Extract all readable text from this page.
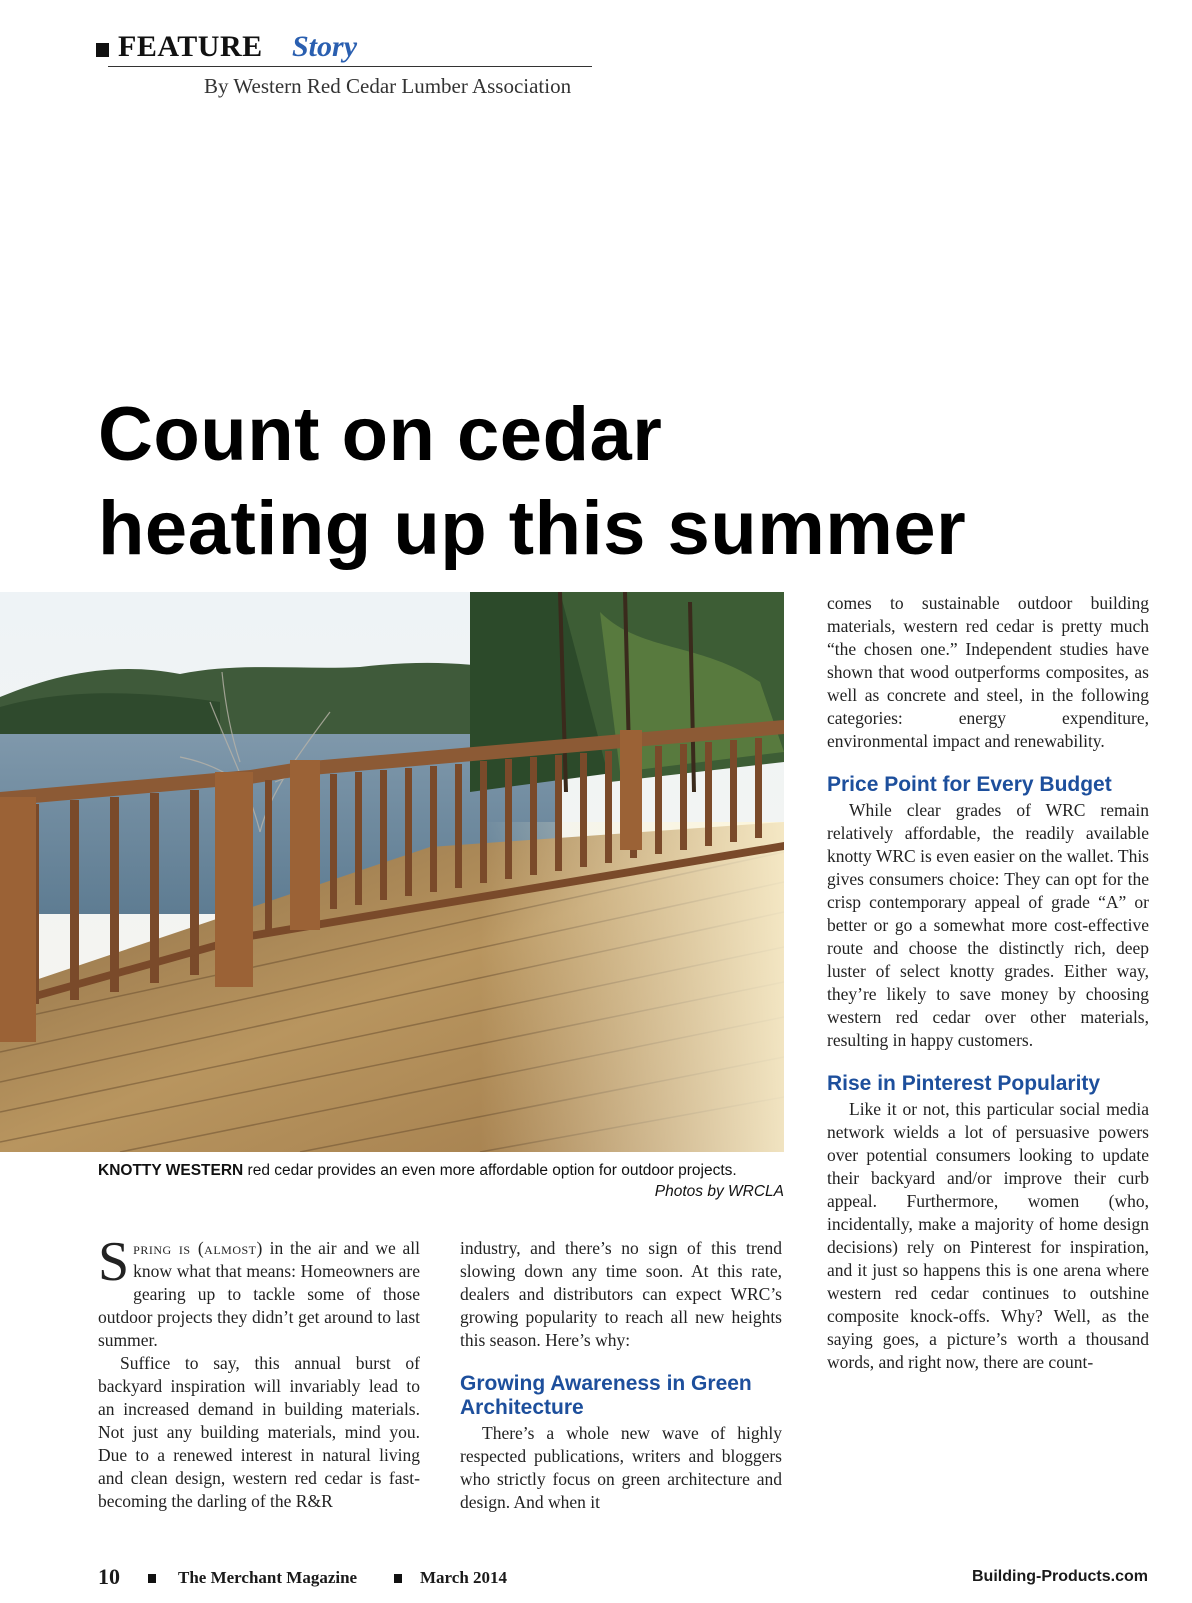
FEATURE Story
By Western Red Cedar Lumber Association
Count on cedar
heating up this summer
KNOTTY WESTERN red cedar provides an even more affordable option for outdoor projects.
Photos by WRCLA

Spring is (almost) in the air and we all know what that means: Homeowners are gearing up to tackle some of those outdoor projects they didn’t get around to last summer.

Suffice to say, this annual burst of backyard inspiration will invariably lead to an increased demand in building materials. Not just any building materials, mind you. Due to a renewed interest in natural living and clean design, western red cedar is fast-becoming the darling of the R&R

industry, and there’s no sign of this trend slowing down any time soon. At this rate, dealers and distributors can expect WRC’s growing popularity to reach all new heights this season. Here’s why:

Growing Awareness in Green Architecture

There’s a whole new wave of highly respected publications, writers and bloggers who strictly focus on green architecture and design. And when it

comes to sustainable outdoor building materials, western red cedar is pretty much “the chosen one.” Independent studies have shown that wood outperforms composites, as well as concrete and steel, in the following categories: energy expenditure, environmental impact and renewability.

Price Point for Every Budget

While clear grades of WRC remain relatively affordable, the readily available knotty WRC is even easier on the wallet. This gives consumers choice: They can opt for the crisp contemporary appeal of grade “A” or better or go a somewhat more cost-effective route and choose the distinctly rich, deep luster of select knotty grades. Either way, they’re likely to save money by choosing western red cedar over other materials, resulting in happy customers.

Rise in Pinterest Popularity

Like it or not, this particular social media network wields a lot of persuasive powers over potential consumers looking to update their backyard and/or improve their curb appeal. Furthermore, women (who, incidentally, make a majority of home design decisions) rely on Pinterest for inspiration, and it just so happens this is one arena where western red cedar continues to outshine composite knock-offs. Why? Well, as the saying goes, a picture’s worth a thousand words, and right now, there are count-

10	The Merchant Magazine	March 2014	Building-Products.com
